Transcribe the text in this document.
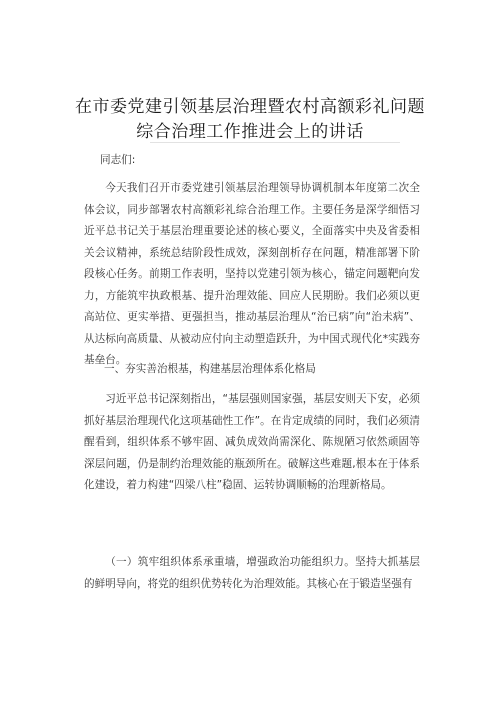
在市委党建引领基层治理暨农村高额彩礼问题
综合治理工作推进会上的讲话

同志们:

今天我们召开市委党建引领基层治理领导协调机制本年度第二次全体会议，同步部署农村高额彩礼综合治理工作。主要任务是深学细悟习近平总书记关于基层治理重要论述的核心要义，全面落实中央及省委相关会议精神，系统总结阶段性成效，深刻剖析存在问题，精准部署下阶段核心任务。前期工作表明，坚持以党建引领为核心，锚定问题靶向发力，方能筑牢执政根基、提升治理效能、回应人民期盼。我们必须以更高站位、更实举措、更强担当，推动基层治理从“治已病”向“治未病”、从达标向高质量、从被动应付向主动塑造跃升，为中国式现代化*实践夯基垒台。

一、夯实善治根基，构建基层治理体系化格局

习近平总书记深刻指出，“基层强则国家强，基层安则天下安，必须抓好基层治理现代化这项基础性工作”。在肯定成绩的同时，我们必须清醒看到，组织体系不够牢固、减负成效尚需深化、陈规陋习依然顽固等深层问题，仍是制约治理效能的瓶颈所在。破解这些难题,根本在于体系化建设，着力构建“四梁八柱”稳固、运转协调顺畅的治理新格局。

（一）筑牢组织体系承重墙，增强政治功能组织力。坚持大抓基层的鲜明导向，将党的组织优势转化为治理效能。其核心在于锻造坚强有
